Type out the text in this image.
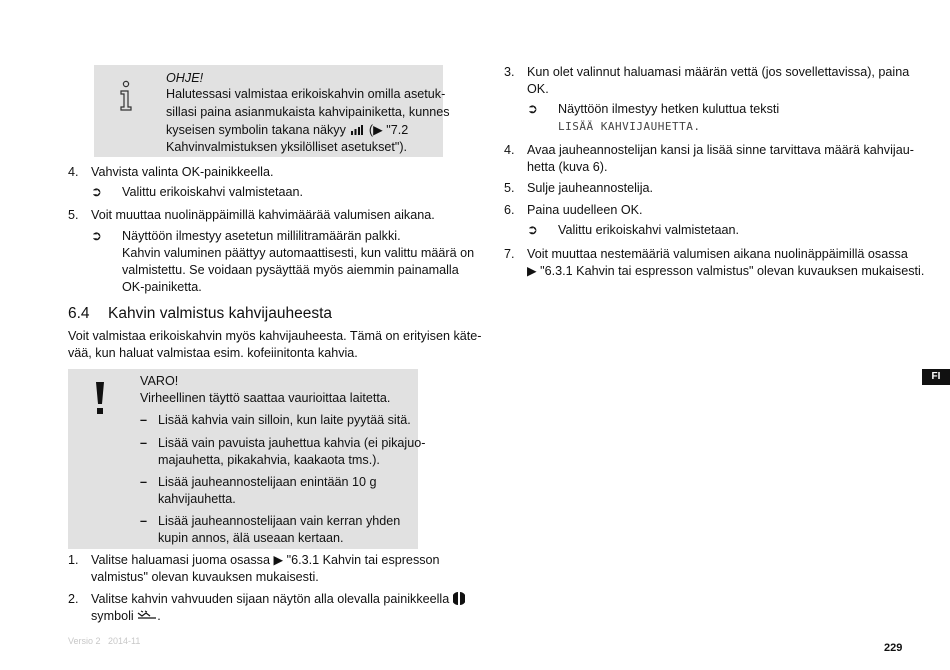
OHJE!
Halutessasi valmistaa erikoiskahvin omilla asetuk-
sillasi paina asianmukaista kahvipainiketta, kunnes
kyseisen symbolin takana näkyy (▶ "7.2
Kahvinvalmistuksen yksilölliset asetukset").
4. Vahvista valinta OK-painikkeella.
➲ Valittu erikoiskahvi valmistetaan.
5. Voit muuttaa nuolinäppäimillä kahvimäärää valumisen aikana.
➲ Näyttöön ilmestyy asetetun millilitramäärän palkki.
Kahvin valuminen päättyy automaattisesti, kun valittu määrä on
valmistettu. Se voidaan pysäyttää myös aiemmin painamalla
OK-painiketta.
6.4 Kahvin valmistus kahvijauheesta
Voit valmistaa erikoiskahvin myös kahvijauheesta. Tämä on erityisen käte-
vää, kun haluat valmistaa esim. kofeiinitonta kahvia.
VARO!
Virheellinen täyttö saattaa vaurioittaa laitetta.
– Lisää kahvia vain silloin, kun laite pyytää sitä.
– Lisää vain pavuista jauhettua kahvia (ei pikajuo-
majauhetta, pikakahvia, kaakaota tms.).
– Lisää jauheannostelijaan enintään 10 g
kahvijauhetta.
– Lisää jauheannostelijaan vain kerran yhden
kupin annos, älä useaan kertaan.
1. Valitse haluamasi juoma osassa ▶ "6.3.1 Kahvin tai espresson
valmistus" olevan kuvauksen mukaisesti.
2. Valitse kahvin vahvuuden sijaan näytön alla olevalla painikkeella
symboli .
3. Kun olet valinnut haluamasi määrän vettä (jos sovellettavissa), paina
OK.
➲ Näyttöön ilmestyy hetken kuluttua teksti
LISÄÄ KAHVIJAUHETTA.
4. Avaa jauheannostelijan kansi ja lisää sinne tarvittava määrä kahvijau-
hetta (kuva 6).
5. Sulje jauheannostelija.
6. Paina uudelleen OK.
➲ Valittu erikoiskahvi valmistetaan.
7. Voit muuttaa nestemääriä valumisen aikana nuolinäppäimillä osassa
▶ "6.3.1 Kahvin tai espresson valmistus" olevan kuvauksen mukaisesti.
FI
Versio 2   2014-11
229
